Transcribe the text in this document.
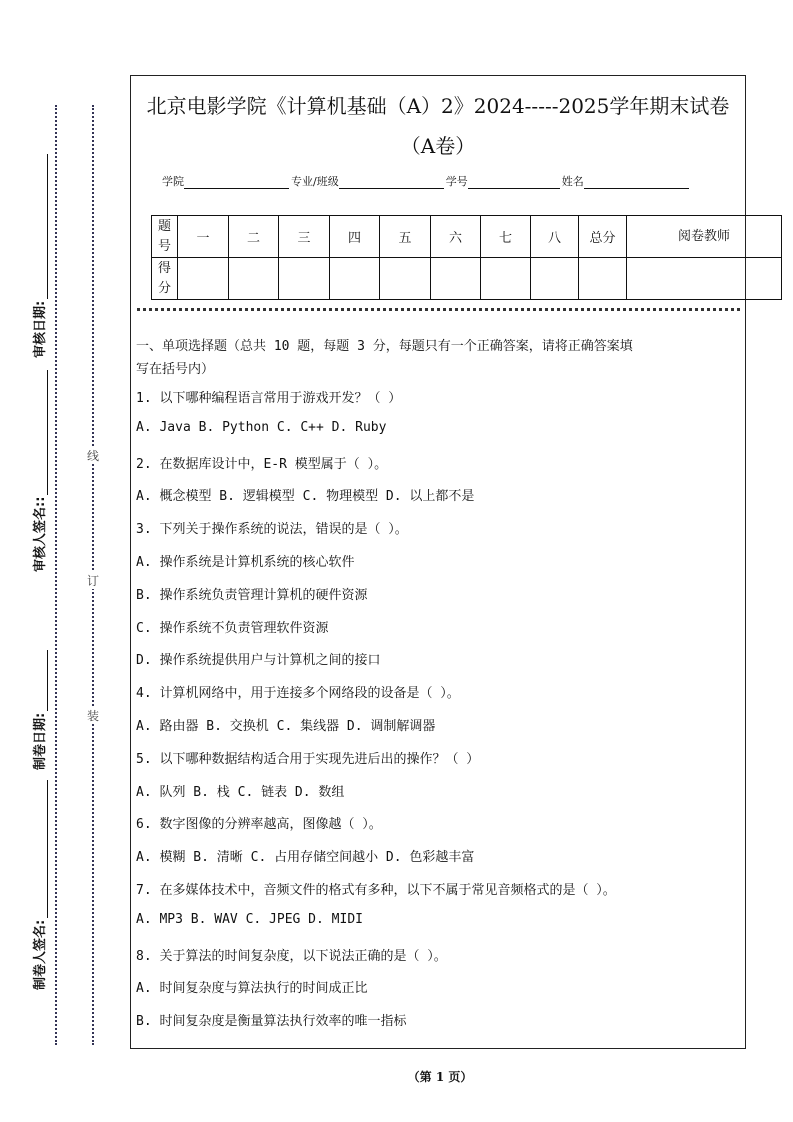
线
订
装
审核日期:
审核人签名::
制卷日期:
制卷人签名:
北京电影学院《计算机基础（A）2》2024-----2025学年期末试卷
（A卷）
学院	专业/班级	学号	姓名
题号	一	二	三	四	五	六	七	八	总分	阅卷教师
得分										
一、单项选择题（总共 10 题，每题 3 分，每题只有一个正确答案，请将正确答案填
写在括号内）
1. 以下哪种编程语言常用于游戏开发？（ ）
A. Java B. Python C. C++ D. Ruby
2. 在数据库设计中，E-R 模型属于（ ）。
A. 概念模型 B. 逻辑模型 C. 物理模型 D. 以上都不是
3. 下列关于操作系统的说法，错误的是（ ）。
A. 操作系统是计算机系统的核心软件
B. 操作系统负责管理计算机的硬件资源
C. 操作系统不负责管理软件资源
D. 操作系统提供用户与计算机之间的接口
4. 计算机网络中，用于连接多个网络段的设备是（ ）。
A. 路由器 B. 交换机 C. 集线器 D. 调制解调器
5. 以下哪种数据结构适合用于实现先进后出的操作？（ ）
A. 队列 B. 栈 C. 链表 D. 数组
6. 数字图像的分辨率越高，图像越（ ）。
A. 模糊 B. 清晰 C. 占用存储空间越小 D. 色彩越丰富
7. 在多媒体技术中，音频文件的格式有多种，以下不属于常见音频格式的是（ ）。
A. MP3 B. WAV C. JPEG D. MIDI
8. 关于算法的时间复杂度，以下说法正确的是（ ）。
A. 时间复杂度与算法执行的时间成正比
B. 时间复杂度是衡量算法执行效率的唯一指标
（第 1 页）
